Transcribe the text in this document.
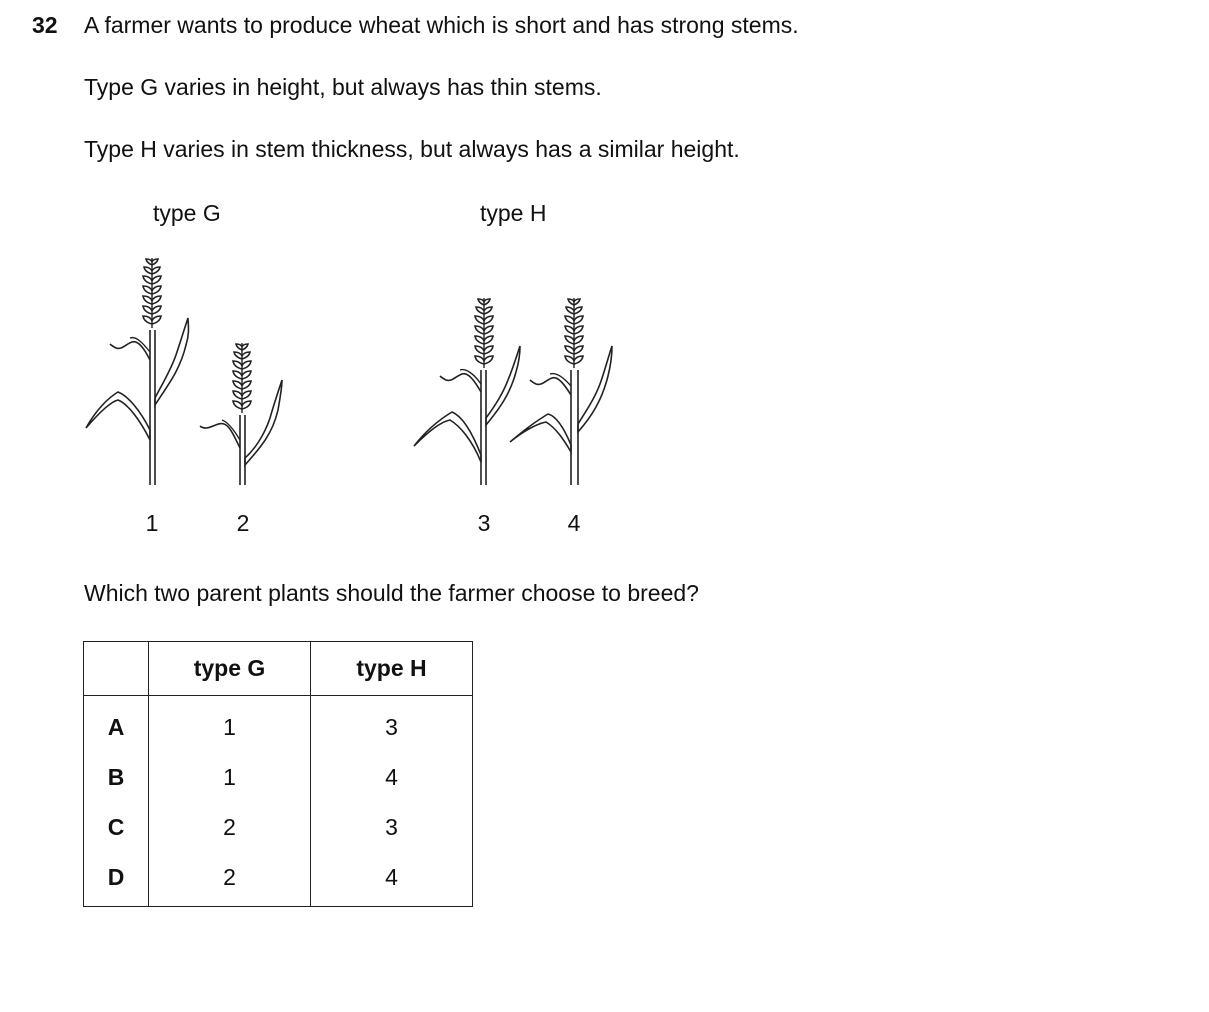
32 A farmer wants to produce wheat which is short and has strong stems.
Type G varies in height, but always has thin stems.
Type H varies in stem thickness, but always has a similar height.
type G	type H
1	2	3	4
Which two parent plants should the farmer choose to breed?
	type G	type H
A	1	3
B	1	4
C	2	3
D	2	4
